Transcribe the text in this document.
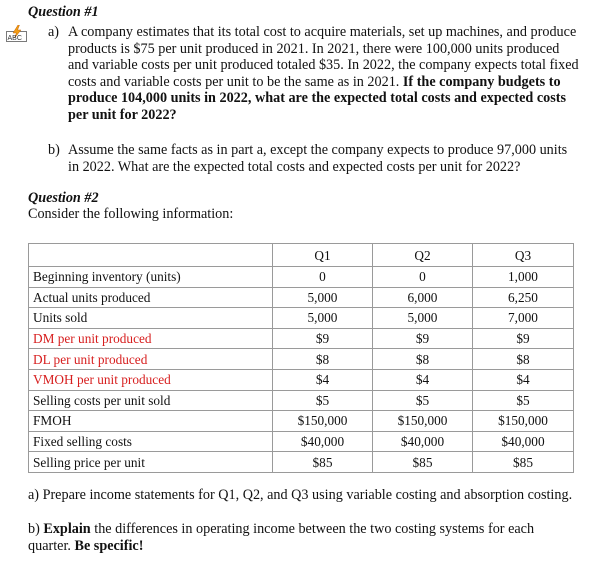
Question #1
ABC a) A company estimates that its total cost to acquire materials, set up machines, and produce
products is $75 per unit produced in 2021. In 2021, there were 100,000 units produced
and variable costs per unit produced totaled $35. In 2022, the company expects total fixed
costs and variable costs per unit to be the same as in 2021. If the company budgets to
produce 104,000 units in 2022, what are the expected total costs and expected costs
per unit for 2022?
b) Assume the same facts as in part a, except the company expects to produce 97,000 units
in 2022. What are the expected total costs and expected costs per unit for 2022?
Question #2
Consider the following information:
	Q1	Q2	Q3
Beginning inventory (units)	0	0	1,000
Actual units produced	5,000	6,000	6,250
Units sold	5,000	5,000	7,000
DM per unit produced	$9	$9	$9
DL per unit produced	$8	$8	$8
VMOH per unit produced	$4	$4	$4
Selling costs per unit sold	$5	$5	$5
FMOH	$150,000	$150,000	$150,000
Fixed selling costs	$40,000	$40,000	$40,000
Selling price per unit	$85	$85	$85
a) Prepare income statements for Q1, Q2, and Q3 using variable costing and absorption costing.
b) Explain the differences in operating income between the two costing systems for each
quarter. Be specific!
